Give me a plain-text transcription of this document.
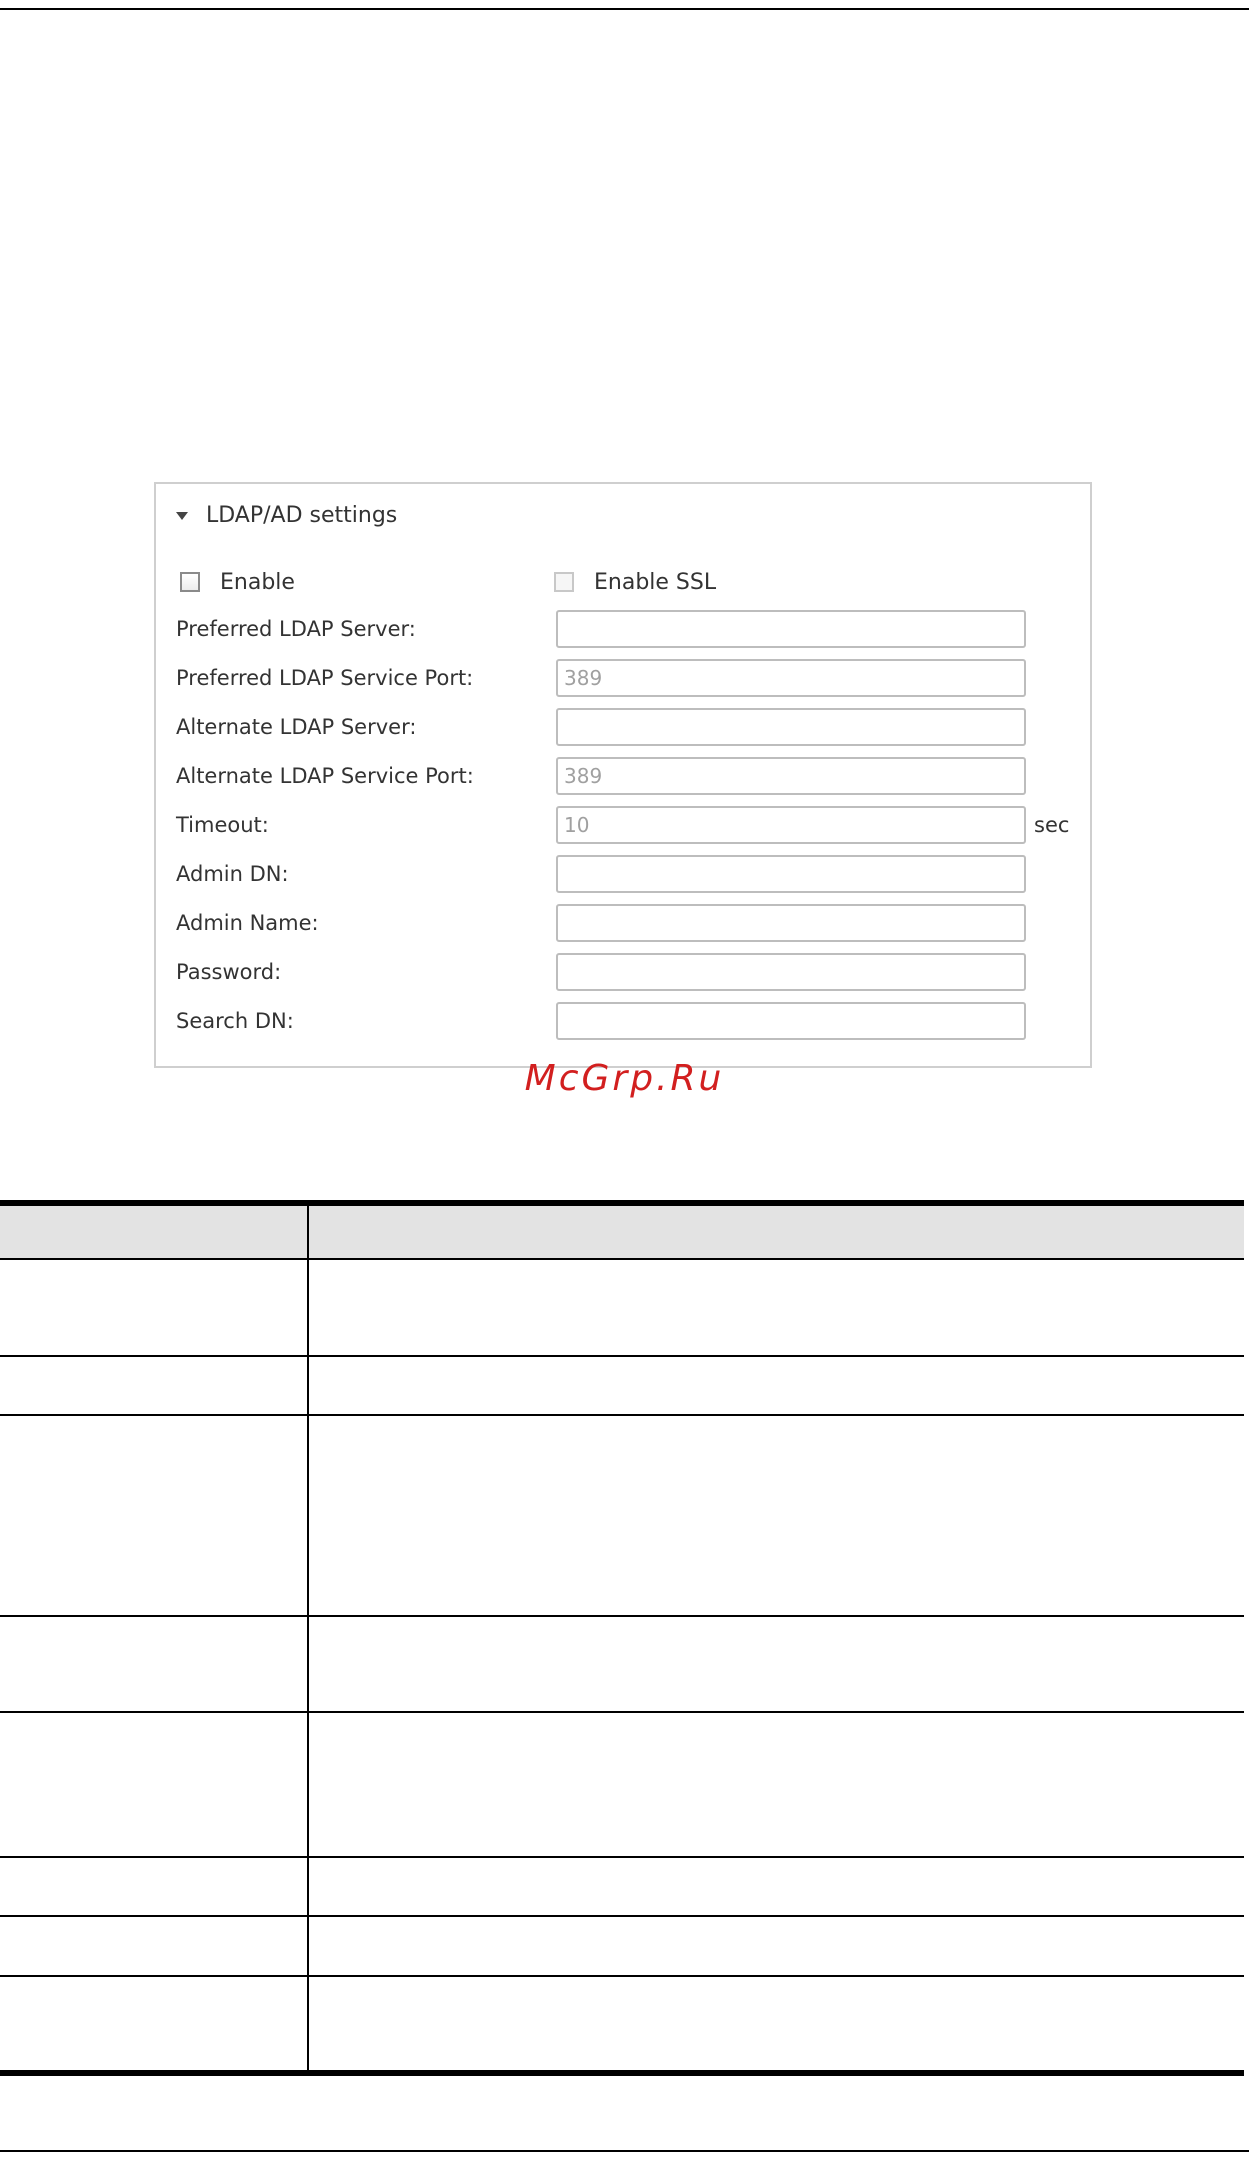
LDAP/AD settings
Enable	Enable SSL
Preferred LDAP Server:
Preferred LDAP Service Port:
389
Alternate LDAP Server:
Alternate LDAP Service Port:
389
Timeout:
10	sec
Admin DN:
Admin Name:
Password:
Search DN:
McGrp.Ru
